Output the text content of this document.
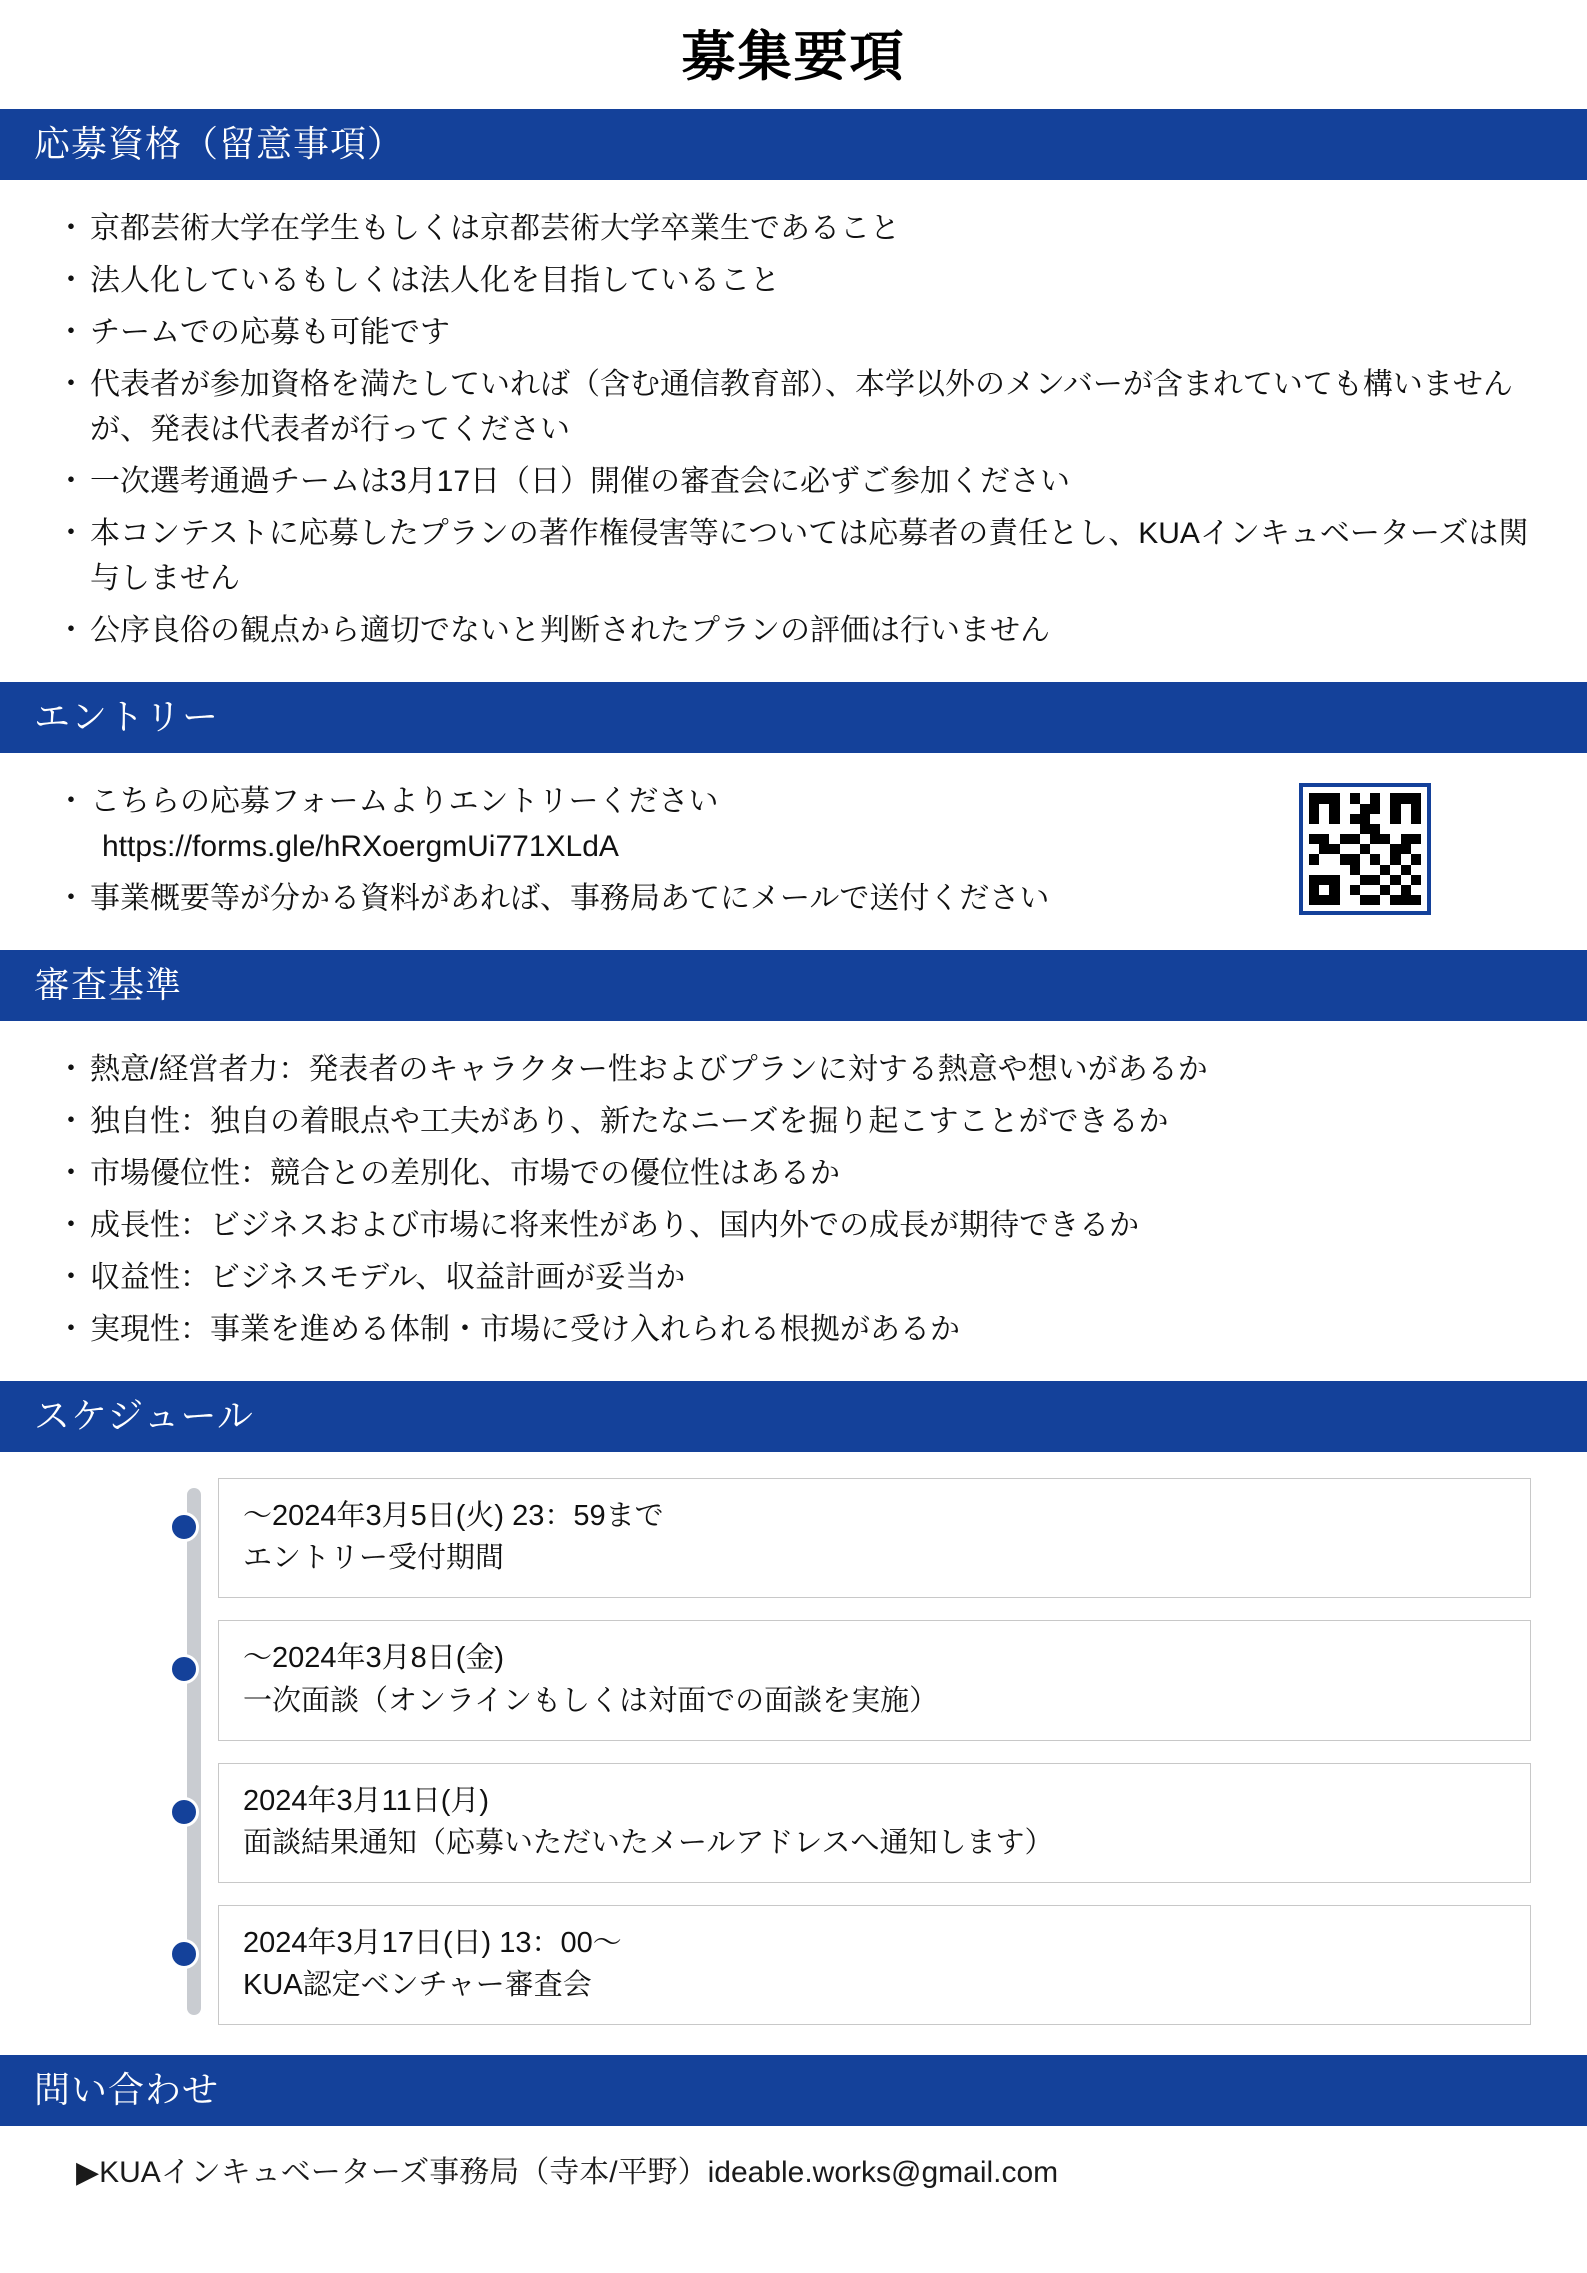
募集要項
応募資格（留意事項）
・ 京都芸術大学在学生もしくは京都芸術大学卒業生であること
・ 法人化しているもしくは法人化を目指していること
・ チームでの応募も可能です
・ 代表者が参加資格を満たしていれば（含む通信教育部）、本学以外のメンバーが含まれていても構いませんが、発表は代表者が行ってください
・ 一次選考通過チームは3月17日（日）開催の審査会に必ずご参加ください
・ 本コンテストに応募したプランの著作権侵害等については応募者の責任とし、KUAインキュベーターズは関与しません
・ 公序良俗の観点から適切でないと判断されたプランの評価は行いません
エントリー
・ こちらの応募フォームよりエントリーください
https://forms.gle/hRXoergmUi771XLdA
・ 事業概要等が分かる資料があれば、事務局あてにメールで送付ください
審査基準
・ 熱意/経営者力：発表者のキャラクター性およびプランに対する熱意や想いがあるか
・ 独自性：独自の着眼点や工夫があり、新たなニーズを掘り起こすことができるか
・ 市場優位性：競合との差別化、市場での優位性はあるか
・ 成長性：ビジネスおよび市場に将来性があり、国内外での成長が期待できるか
・ 収益性：ビジネスモデル、収益計画が妥当か
・ 実現性：事業を進める体制・市場に受け入れられる根拠があるか
スケジュール
〜2024年3月5日(火) 23：59まで
エントリー受付期間
〜2024年3月8日(金)
一次面談（オンラインもしくは対面での面談を実施）
2024年3月11日(月)
面談結果通知（応募いただいたメールアドレスへ通知します）
2024年3月17日(日) 13：00〜
KUA認定ベンチャー審査会
問い合わせ
▶KUAインキュベーターズ事務局（寺本/平野）ideable.works@gmail.com
